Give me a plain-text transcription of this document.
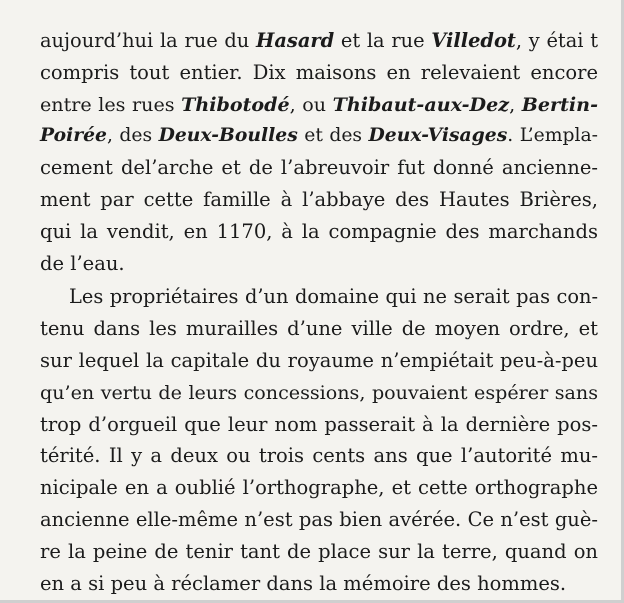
aujourd’hui la rue du Hasard et la rue Villedot, y étai t
compris tout entier. Dix maisons en relevaient encore
entre les rues Thibotodé, ou Thibaut-aux-Dez, Bertin-
Poirée, des Deux-Boulles et des Deux-Visages. L’empla-
cement del’arche et de l’abreuvoir fut donné ancienne-
ment par cette famille à l’abbaye des Hautes Brières,
qui la vendit, en 1170, à la compagnie des marchands
de l’eau.
Les propriétaires d’un domaine qui ne serait pas con-
tenu dans les murailles d’une ville de moyen ordre, et
sur lequel la capitale du royaume n’empiétait peu-à-peu
qu’en vertu de leurs concessions, pouvaient espérer sans
trop d’orgueil que leur nom passerait à la dernière pos-
térité. Il y a deux ou trois cents ans que l’autorité mu-
nicipale en a oublié l’orthographe, et cette orthographe
ancienne elle-même n’est pas bien avérée. Ce n’est guè-
re la peine de tenir tant de place sur la terre, quand on
en a si peu à réclamer dans la mémoire des hommes.
